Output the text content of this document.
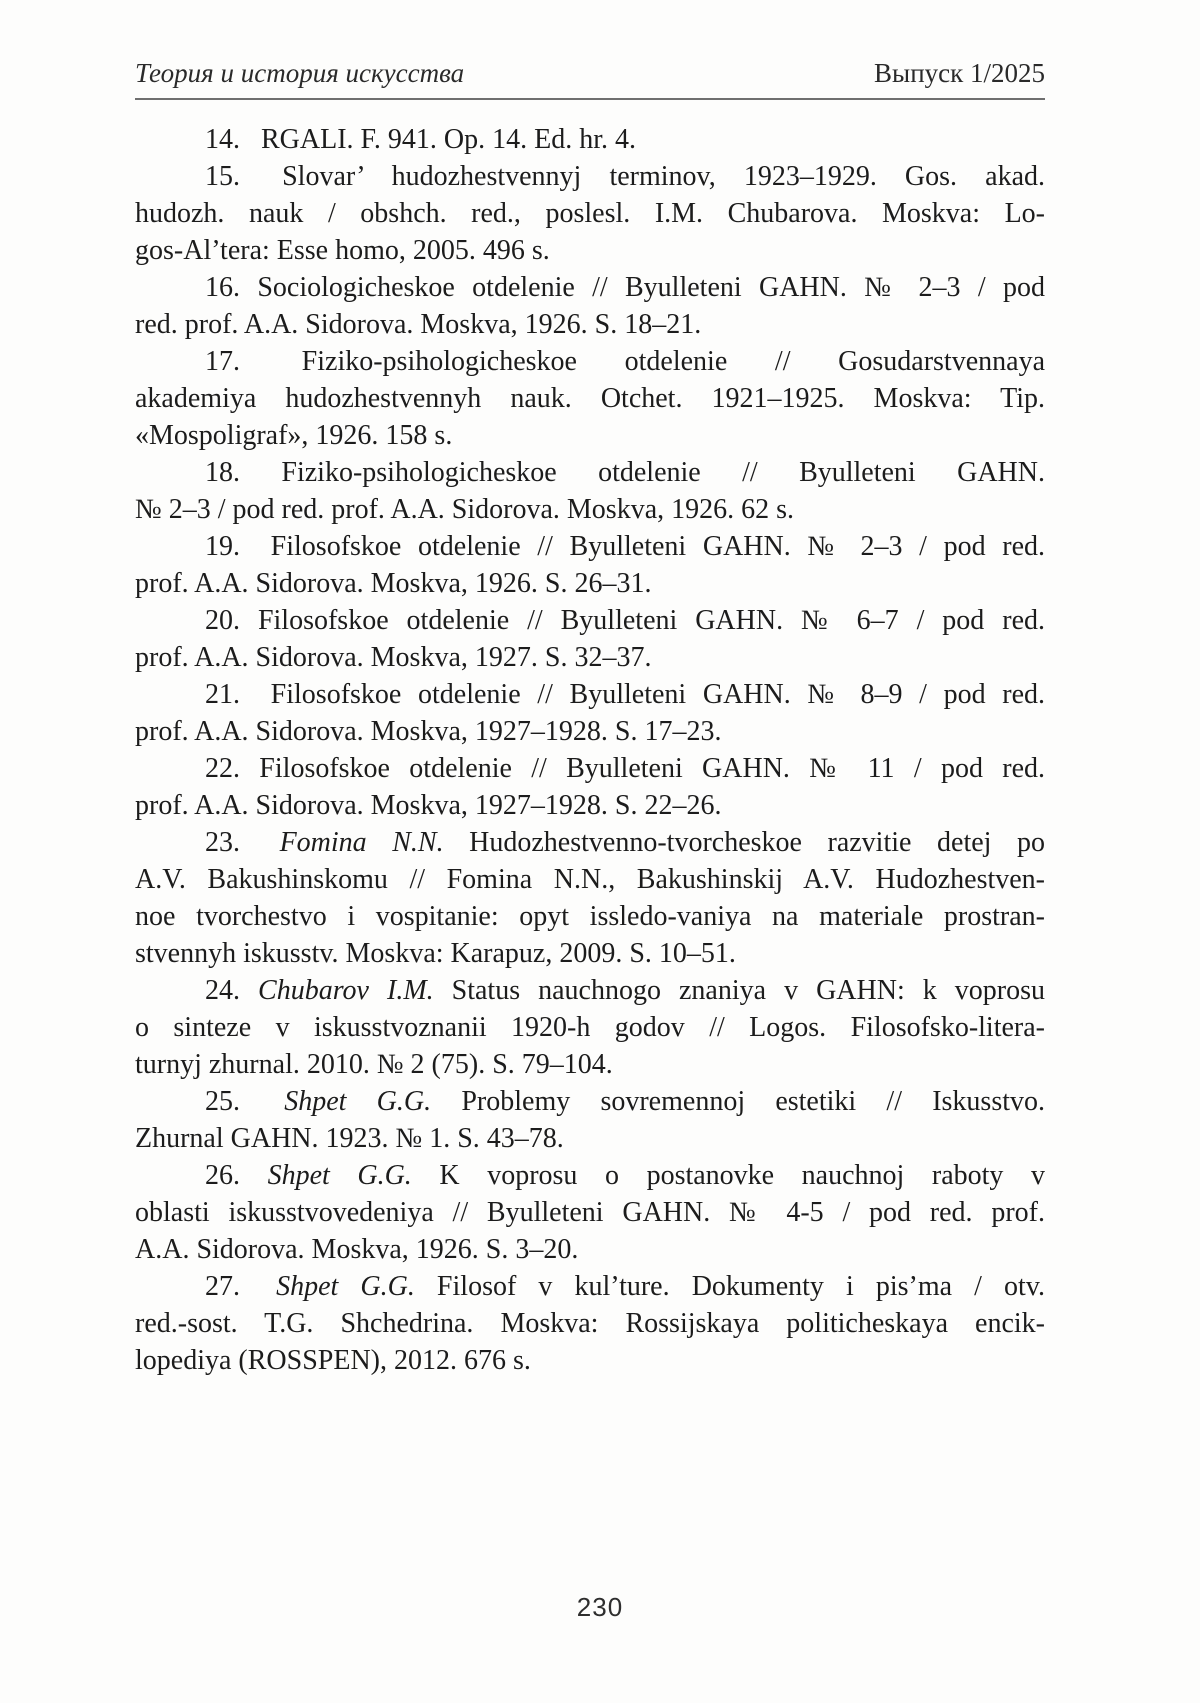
Теория и история искусства	Выпуск 1/2025
14.  RGALI. F. 941. Op. 14. Ed. hr. 4.
15.  Slovar’ hudozhestvennyj terminov, 1923–1929. Gos. akad.
hudozh. nauk / obshch. red., poslesl. I.M. Chubarova. Moskva: Lo-
gos-Al’tera: Esse homo, 2005. 496 s.
16. Sociologicheskoe otdelenie // Byulleteni GAHN. № 2–3 / pod
red. prof. A.A. Sidorova. Moskva, 1926. S. 18–21.
17.  Fiziko-psihologicheskoe otdelenie // Gosudarstvennaya
akademiya hudozhestvennyh nauk. Otchet. 1921–1925. Moskva: Tip.
«Mospoligraf», 1926. 158 s.
18. Fiziko-psihologicheskoe otdelenie // Byulleteni GAHN.
№ 2–3 / pod red. prof. A.A. Sidorova. Moskva, 1926. 62 s.
19.  Filosofskoe otdelenie // Byulleteni GAHN. № 2–3 / pod red.
prof. A.A. Sidorova. Moskva, 1926. S. 26–31.
20. Filosofskoe otdelenie // Byulleteni GAHN. № 6–7 / pod red.
prof. A.A. Sidorova. Moskva, 1927. S. 32–37.
21.  Filosofskoe otdelenie // Byulleteni GAHN. № 8–9 / pod red.
prof. A.A. Sidorova. Moskva, 1927–1928. S. 17–23.
22. Filosofskoe otdelenie // Byulleteni GAHN. № 11 / pod red.
prof. A.A. Sidorova. Moskva, 1927–1928. S. 22–26.
23.  Fomina N.N. Hudozhestvenno-tvorcheskoe razvitie detej po
A.V. Bakushinskomu // Fomina N.N., Bakushinskij A.V. Hudozhestven-
noe tvorchestvo i vospitanie: opyt issledo-vaniya na materiale prostran-
stvennyh iskusstv. Moskva: Karapuz, 2009. S. 10–51.
24. Chubarov I.M. Status nauchnogo znaniya v GAHN: k voprosu
o sinteze v iskusstvoznanii 1920-h godov // Logos. Filosofsko-litera-
turnyj zhurnal. 2010. № 2 (75). S. 79–104.
25.  Shpet G.G. Problemy sovremennoj estetiki // Iskusstvo.
Zhurnal GAHN. 1923. № 1. S. 43–78.
26. Shpet G.G. K voprosu o postanovke nauchnoj raboty v
oblasti iskusstvovedeniya // Byulleteni GAHN. № 4-5 / pod red. prof.
A.A. Sidorova. Moskva, 1926. S. 3–20.
27.  Shpet G.G. Filosof v kul’ture. Dokumenty i pis’ma / otv.
red.-sost. T.G. Shchedrina. Moskva: Rossijskaya politicheskaya encik-
lopediya (ROSSPEN), 2012. 676 s.
230
